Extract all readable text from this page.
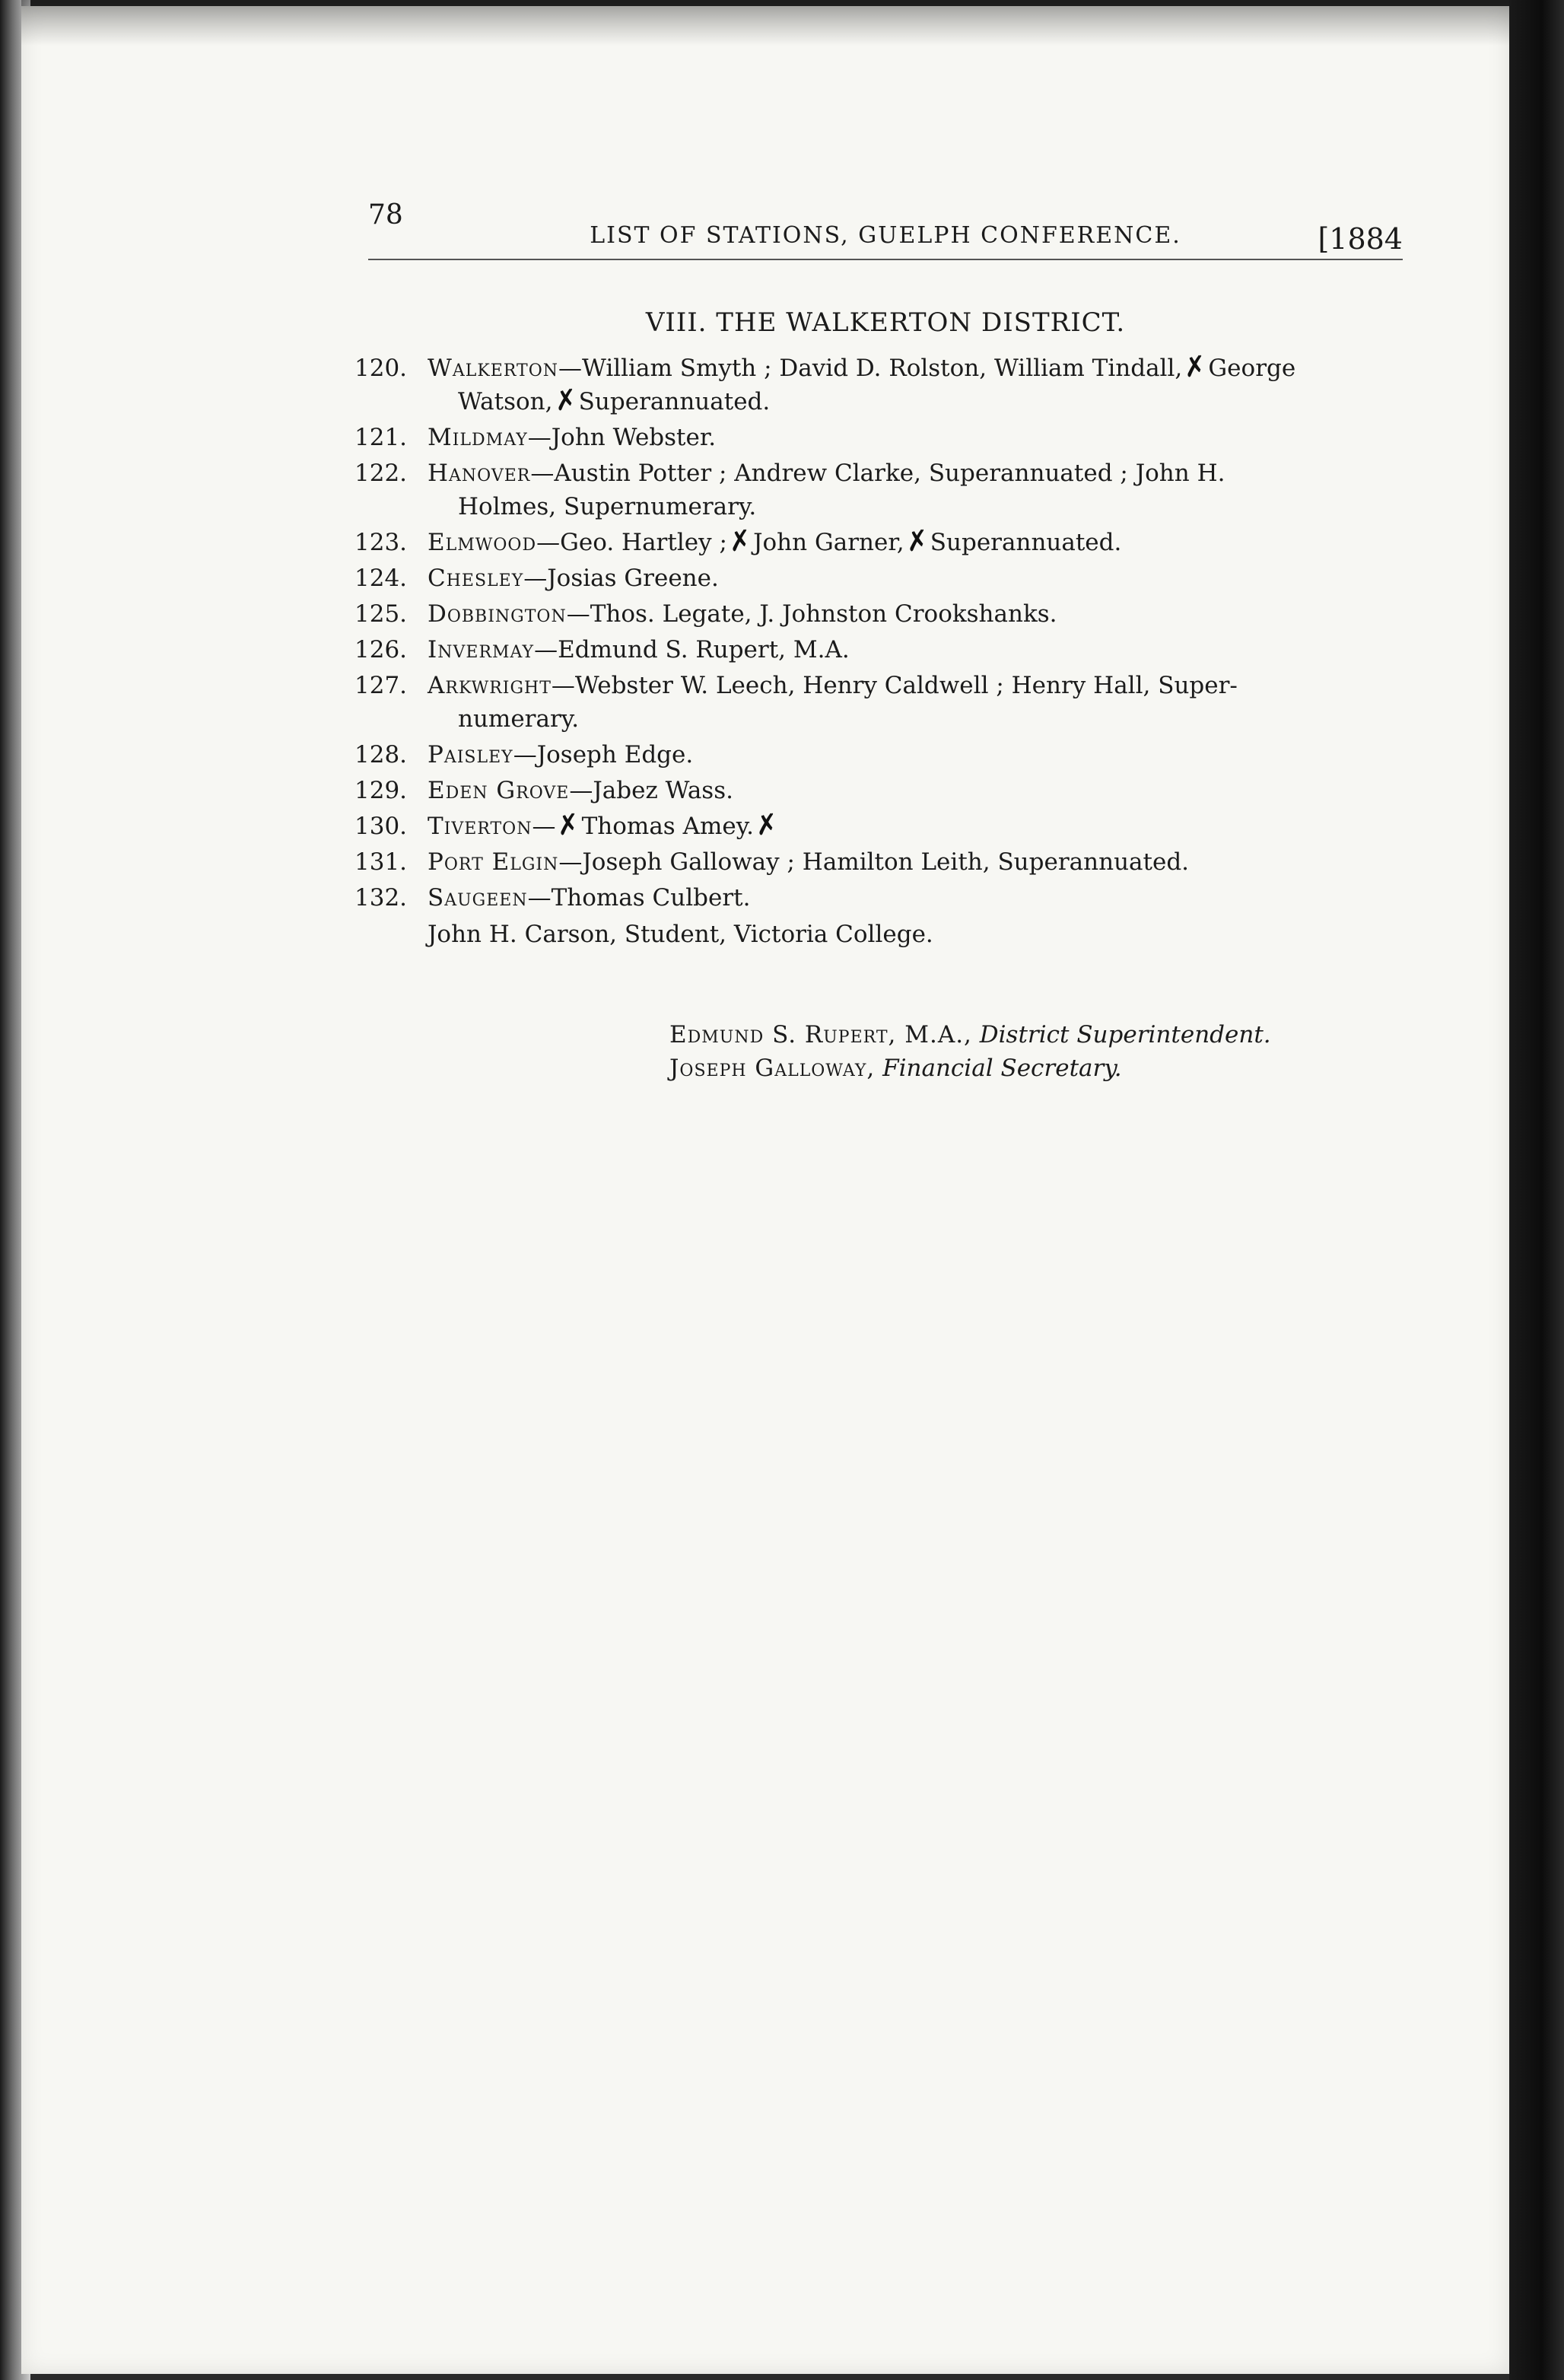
78
LIST OF STATIONS, GUELPH CONFERENCE.	[1884
VIII. THE WALKERTON DISTRICT.
120. Walkerton—William Smyth ; David D. Rolston, William Tindall,✗George
Watson,✗Superannuated.
121. Mildmay—John Webster.
122. Hanover—Austin Potter ; Andrew Clarke, Superannuated ; John H.
Holmes, Supernumerary.
123. Elmwood—Geo. Hartley ;✗John Garner,✗Superannuated.
124. Chesley—Josias Greene.
125. Dobbington—Thos. Legate, J. Johnston Crookshanks.
126. Invermay—Edmund S. Rupert, M.A.
127. Arkwright—Webster W. Leech, Henry Caldwell ; Henry Hall, Super-
numerary.
128. Paisley—Joseph Edge.
129. Eden Grove—Jabez Wass.
130. Tiverton—✗Thomas Amey.✗
131. Port Elgin—Joseph Galloway ; Hamilton Leith, Superannuated.
132. Saugeen—Thomas Culbert.
John H. Carson, Student, Victoria College.
Edmund S. Rupert, M.A., District Superintendent.
Joseph Galloway, Financial Secretary.
